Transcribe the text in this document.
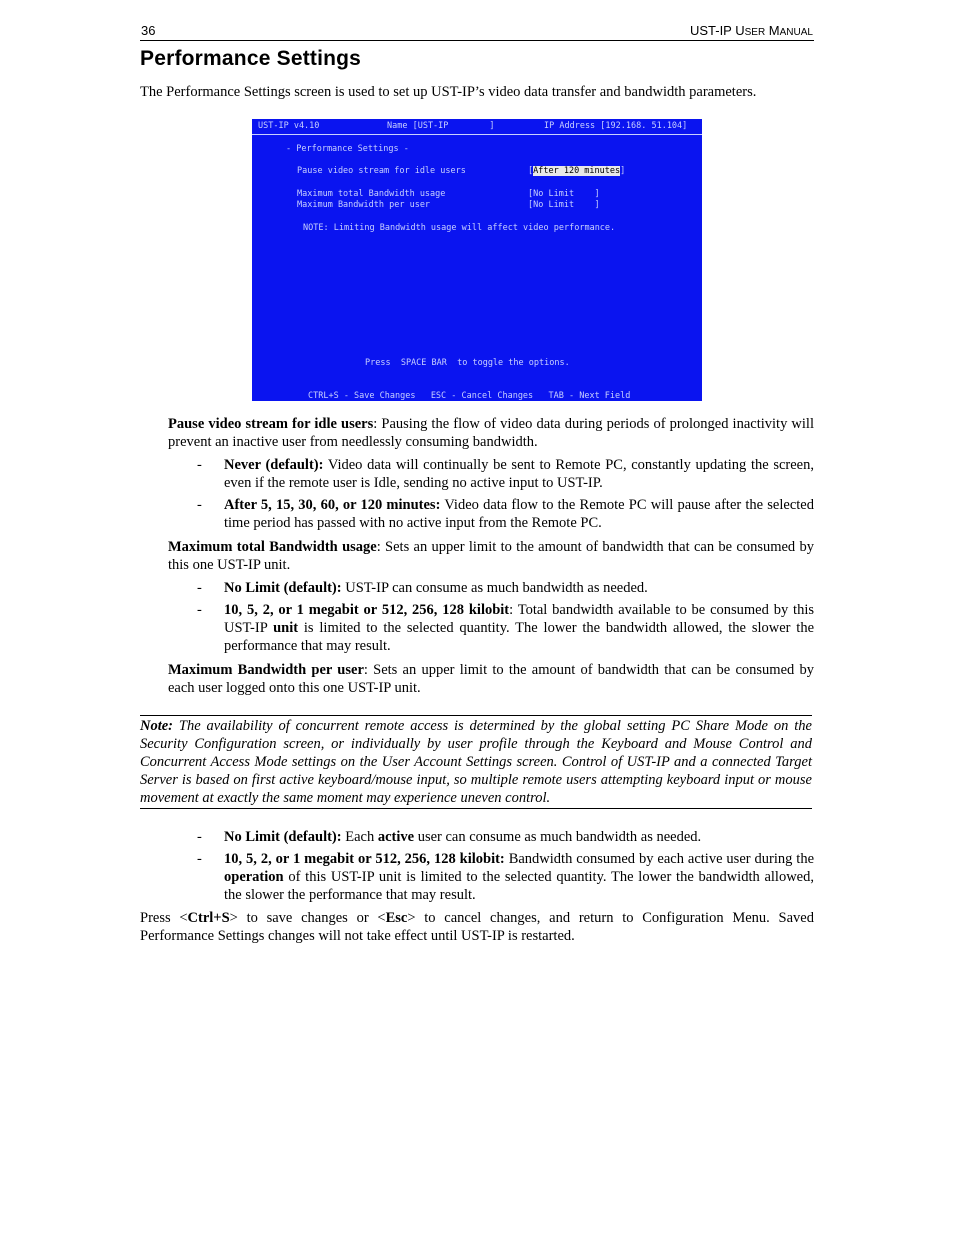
36	UST-IP USER MANUAL
Performance Settings
The Performance Settings screen is used to set up UST-IP’s video data transfer and bandwidth parameters.
UST-IP v4.10	Name [UST-IP        ]	IP Address [192.168. 51.104]
- Performance Settings -
Pause video stream for idle users	[After 120 minutes]
Maximum total Bandwidth usage	[No Limit    ]
Maximum Bandwidth per user	[No Limit    ]
NOTE: Limiting Bandwidth usage will affect video performance.
Press  SPACE BAR  to toggle the options.
CTRL+S - Save Changes   ESC - Cancel Changes   TAB - Next Field
Pause video stream for idle users: Pausing the flow of video data during periods of prolonged inactivity will prevent an inactive user from needlessly consuming bandwidth.
- Never (default): Video data will continually be sent to Remote PC, constantly updating the screen, even if the remote user is Idle, sending no active input to UST-IP.
- After 5, 15, 30, 60, or 120 minutes: Video data flow to the Remote PC will pause after the selected time period has passed with no active input from the Remote PC.
Maximum total Bandwidth usage: Sets an upper limit to the amount of bandwidth that can be consumed by this one UST-IP unit.
- No Limit (default): UST-IP can consume as much bandwidth as needed.
- 10, 5, 2, or 1 megabit or 512, 256, 128 kilobit: Total bandwidth available to be consumed by this UST-IP unit is limited to the selected quantity. The lower the bandwidth allowed, the slower the performance that may result.
Maximum Bandwidth per user: Sets an upper limit to the amount of bandwidth that can be consumed by each user logged onto this one UST-IP unit.
Note: The availability of concurrent remote access is determined by the global setting PC Share Mode on the Security Configuration screen, or individually by user profile through the Keyboard and Mouse Control and Concurrent Access Mode settings on the User Account Settings screen. Control of UST-IP and a connected Target Server is based on first active keyboard/mouse input, so multiple remote users attempting keyboard input or mouse movement at exactly the same moment may experience uneven control.
- No Limit (default): Each active user can consume as much bandwidth as needed.
- 10, 5, 2, or 1 megabit or 512, 256, 128 kilobit: Bandwidth consumed by each active user during the operation of this UST-IP unit is limited to the selected quantity. The lower the bandwidth allowed, the slower the performance that may result.
Press <Ctrl+S> to save changes or <Esc> to cancel changes, and return to Configuration Menu. Saved Performance Settings changes will not take effect until UST-IP is restarted.
